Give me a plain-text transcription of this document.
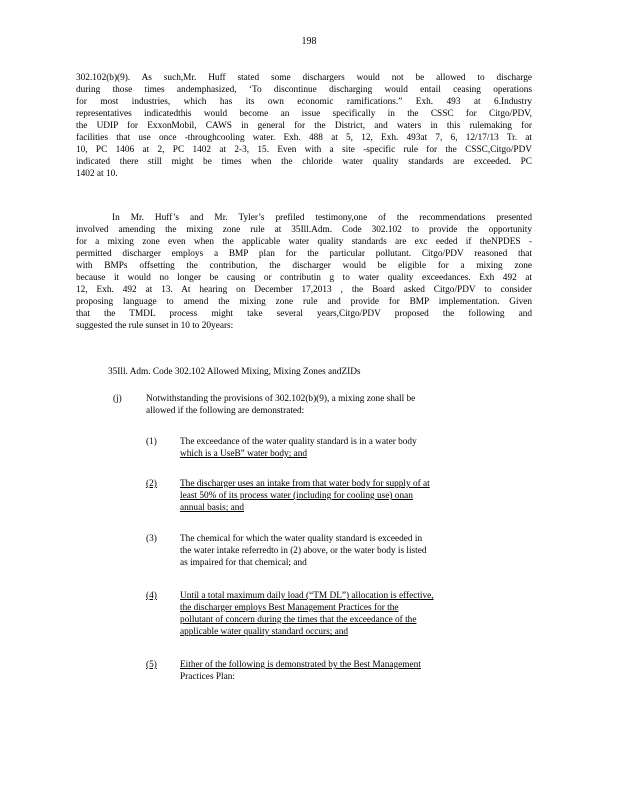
198
302.102(b)(9). As such,Mr. Huff stated some dischargers would not be allowed to discharge
during those times andemphasized, ‘To discontinue discharging would entail ceasing operations
for most industries, which has its own economic ramifications.” Exh. 493 at 6.Industry
representatives indicatedthis would become an issue specifically in the CSSC for Citgo/PDV,
the UDIP for ExxonMobil, CAWS in general for the District, and waters in this rulemaking for
facilities that use once -throughcooling water. Exh. 488 at 5, 12, Exh. 493at 7, 6, 12/17/13 Tr. at
10, PC 1406 at 2, PC 1402 at 2-3, 15. Even with a site -specific rule for the CSSC,Citgo/PDV
indicated there still might be times when the chloride water quality standards are exceeded. PC
1402 at 10.
In Mr. Huff’s and Mr. Tyler’s prefiled testimony,one of the recommendations presented
involved amending the mixing zone rule at 35Ill.Adm. Code 302.102 to provide the opportunity
for a mixing zone even when the applicable water quality standards are exc eeded if theNPDES -
permitted discharger employs a BMP plan for the particular pollutant. Citgo/PDV reasoned that
with BMPs offsetting the contribution, the discharger would be eligible for a mixing zone
because it would no longer be causing or contributin g to water quality exceedances. Exh 492 at
12, Exh. 492 at 13. At hearing on December 17,2013 , the Board asked Citgo/PDV to consider
proposing language to amend the mixing zone rule and provide for BMP implementation. Given
that the TMDL process might take several years,Citgo/PDV proposed the following and
suggested the rule sunset in 10 to 20years:
35Ill. Adm. Code 302.102 Allowed Mixing, Mixing Zones andZIDs
(j)	Notwithstanding the provisions of 302.102(b)(9), a mixing zone shall be
allowed if the following are demonstrated:
(1) The exceedance of the water quality standard is in a water body
which is a UseB” water body; and
(2) The discharger uses an intake from that water body for supply of at
least 50% of its process water (including for cooling use) onan
annual basis; and
(3) The chemical for which the water quality standard is exceeded in
the water intake referredto in (2) above, or the water body is listed
as impaired for that chemical; and
(4) Until a total maximum daily load (“TM DL”) allocation is effective,
the discharger employs Best Management Practices for the
pollutant of concern during the times that the exceedance of the
applicable water quality standard occurs; and
(5) Either of the following is demonstrated by the Best Management
Practices Plan:
